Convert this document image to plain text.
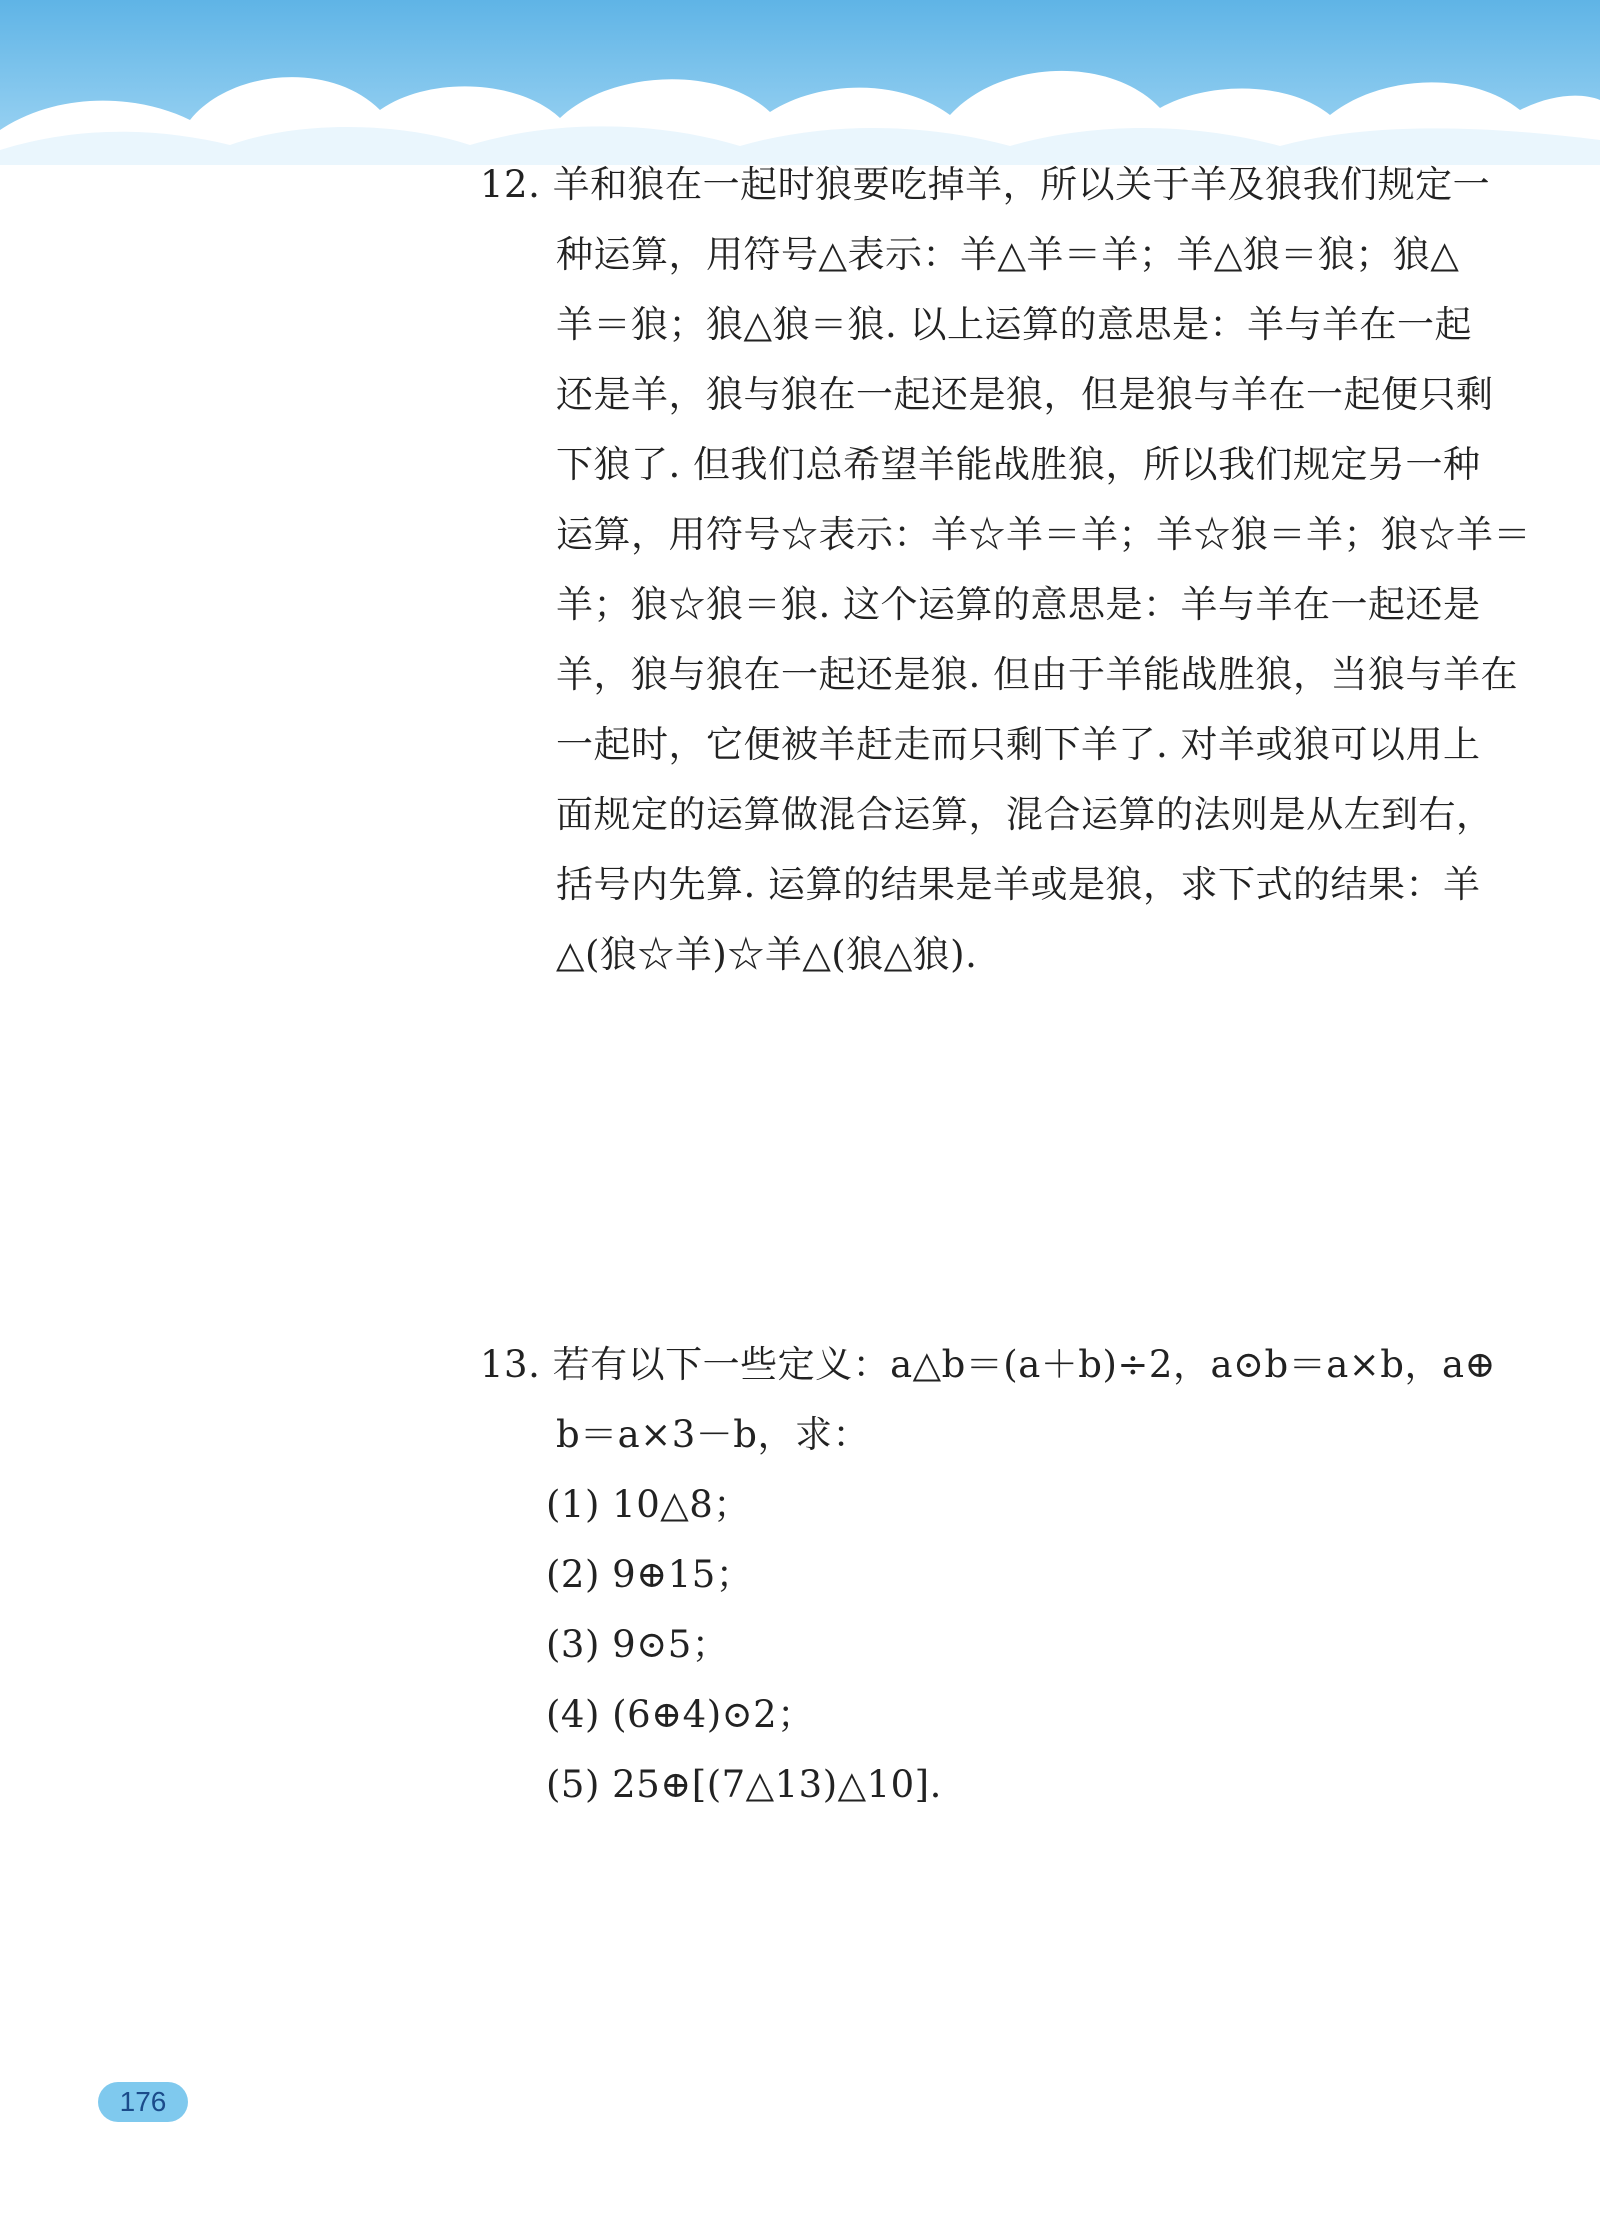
12. 羊和狼在一起时狼要吃掉羊，所以关于羊及狼我们规定一
种运算，用符号△表示：羊△羊＝羊；羊△狼＝狼；狼△
羊＝狼；狼△狼＝狼. 以上运算的意思是：羊与羊在一起
还是羊，狼与狼在一起还是狼，但是狼与羊在一起便只剩
下狼了. 但我们总希望羊能战胜狼，所以我们规定另一种
运算，用符号☆表示：羊☆羊＝羊；羊☆狼＝羊；狼☆羊＝
羊；狼☆狼＝狼. 这个运算的意思是：羊与羊在一起还是
羊，狼与狼在一起还是狼. 但由于羊能战胜狼，当狼与羊在
一起时，它便被羊赶走而只剩下羊了. 对羊或狼可以用上
面规定的运算做混合运算，混合运算的法则是从左到右，
括号内先算. 运算的结果是羊或是狼，求下式的结果：羊
△(狼☆羊)☆羊△(狼△狼).
13. 若有以下一些定义：a△b＝(a＋b)÷2，a⊙b＝a×b，a⊕
b＝a×3－b，求：
(1) 10△8；
(2) 9⊕15；
(3) 9⊙5；
(4) (6⊕4)⊙2；
(5) 25⊕[(7△13)△10].
176
